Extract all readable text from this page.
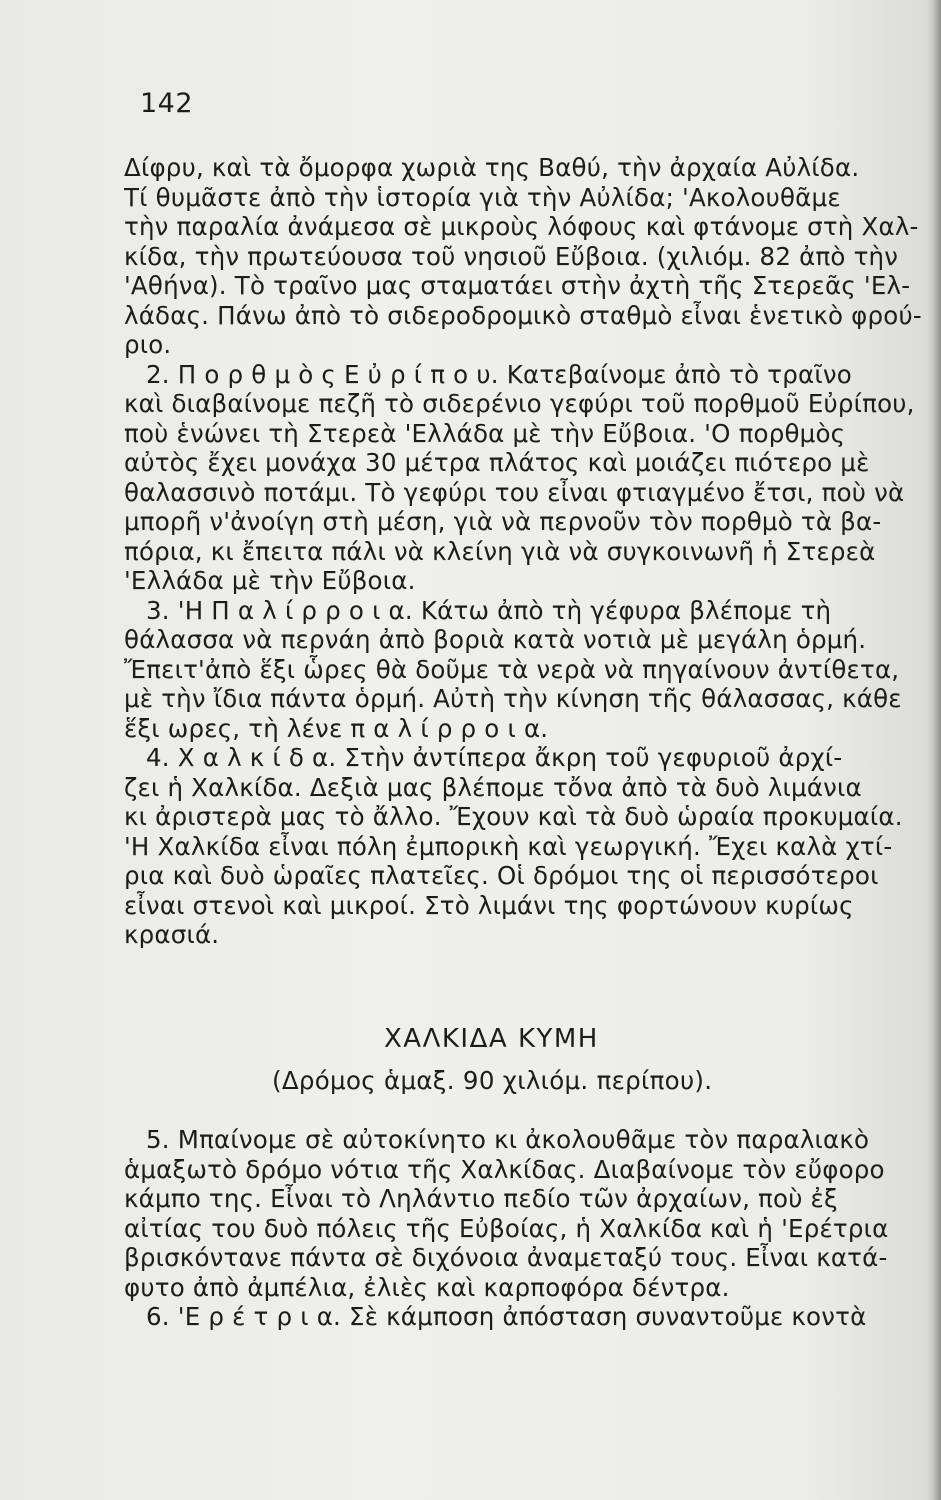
142

Δίφρυ, καὶ τὰ ὄμορφα χωριὰ της Βαθύ, τὴν ἀρχαία Αὐλίδα.

Τί θυμᾶστε ἀπὸ τὴν ἱστορία γιὰ τὴν Αὐλίδα; 'Ακολουθᾶμε

τὴν παραλία ἀνάμεσα σὲ μικροὺς λόφους καὶ φτάνομε στὴ Χαλ-

κίδα, τὴν πρωτεύουσα τοῦ νησιοῦ Εὔβοια. (χιλιόμ. 82 ἀπὸ τὴν

'Αθήνα). Τὸ τραῖνο μας σταματάει στὴν ἀχτὴ τῆς Στερεᾶς 'Ελ-

λάδας. Πάνω ἀπὸ τὸ σιδεροδρομικὸ σταθμὸ εἶναι ἑνετικὸ φρού-

ριο.

2. Π ο ρ θ μ ὸ ς Ε ὐ ρ ί π ο υ. Κατεβαίνομε ἀπὸ τὸ τραῖνο

καὶ διαβαίνομε πεζῆ τὸ σιδερένιο γεφύρι τοῦ πορθμοῦ Εὐρίπου,

ποὺ ἑνώνει τὴ Στερεὰ 'Ελλάδα μὲ τὴν Εὔβοια. 'Ο πορθμὸς

αὐτὸς ἔχει μονάχα 30 μέτρα πλάτος καὶ μοιάζει πιότερο μὲ

θαλασσινὸ ποτάμι. Τὸ γεφύρι του εἶναι φτιαγμένο ἔτσι, ποὺ νὰ

μπορῆ ν'ἀνοίγη στὴ μέση, γιὰ νὰ περνοῦν τὸν πορθμὸ τὰ βα-

πόρια, κι ἔπειτα πάλι νὰ κλείνη γιὰ νὰ συγκοινωνῆ ἡ Στερεὰ

'Ελλάδα μὲ τὴν Εὔβοια.

3. 'Η Π α λ ί ρ ρ ο ι α. Κάτω ἀπὸ τὴ γέφυρα βλέπομε τὴ

θάλασσα νὰ περνάη ἀπὸ βοριὰ κατὰ νοτιὰ μὲ μεγάλη ὁρμή.

Ἔπειτ'ἀπὸ ἕξι ὧρες θὰ δοῦμε τὰ νερὰ νὰ πηγαίνουν ἀντίθετα,

μὲ τὴν ἴδια πάντα ὁρμή. Αὐτὴ τὴν κίνηση τῆς θάλασσας, κάθε

ἕξι ωρες, τὴ λένε π α λ ί ρ ρ ο ι α.

4. Χ α λ κ ί δ α. Στὴν ἀντίπερα ἄκρη τοῦ γεφυριοῦ ἀρχί-

ζει ἡ Χαλκίδα. Δεξιὰ μας βλέπομε τὄνα ἀπὸ τὰ δυὸ λιμάνια

κι ἀριστερὰ μας τὸ ἄλλο. Ἔχουν καὶ τὰ δυὸ ὡραία προκυμαία.

'Η Χαλκίδα εἶναι πόλη ἐμπορικὴ καὶ γεωργική. Ἔχει καλὰ χτί-

ρια καὶ δυὸ ὡραῖες πλατεῖες. Οἱ δρόμοι της οἱ περισσότεροι

εἶναι στενοὶ καὶ μικροί. Στὸ λιμάνι της φορτώνουν κυρίως

κρασιά.

ΧΑΛΚΙΔΑ ΚΥΜΗ
(Δρόμος ἁμαξ. 90 χιλιόμ. περίπου).

5. Μπαίνομε σὲ αὐτοκίνητο κι ἀκολουθᾶμε τὸν παραλιακὸ

ἁμαξωτὸ δρόμο νότια τῆς Χαλκίδας. Διαβαίνομε τὸν εὔφορο

κάμπο της. Εἶναι τὸ Ληλάντιο πεδίο τῶν ἀρχαίων, ποὺ ἐξ

αἰτίας του δυὸ πόλεις τῆς Εὐβοίας, ἡ Χαλκίδα καὶ ἡ 'Ερέτρια

βρισκόντανε πάντα σὲ διχόνοια ἀναμεταξύ τους. Εἶναι κατά-

φυτο ἀπὸ ἀμπέλια, ἐλιὲς καὶ καρποφόρα δέντρα.

6. 'Ε ρ έ τ ρ ι α. Σὲ κάμποση ἀπόσταση συναντοῦμε κοντὰ
